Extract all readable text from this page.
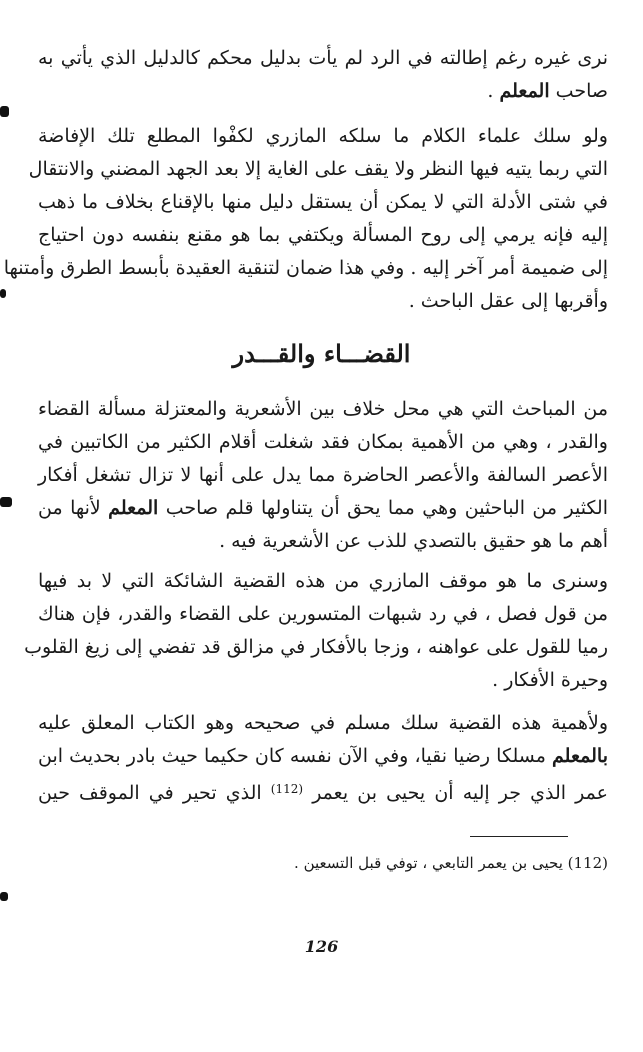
نرى غيره رغم إطالته في الرد لم يأت بدليل محكم كالدليل الذي يأتي به
صاحب المعلم .

ولو سلك علماء الكلام ما سلكه المازري لكفْوا المطلع تلك الإفاضة
التي ربما يتيه فيها النظر ولا يقف على الغاية إلا بعد الجهد المضني والانتقال
في شتى الأدلة التي لا يمكن أن يستقل دليل منها بالإقناع بخلاف ما ذهب
إليه فإنه يرمي إلى روح المسألة ويكتفي بما هو مقنع بنفسه دون احتياج
إلى ضميمة أمر آخر إليه . وفي هذا ضمان لتنقية العقيدة بأبسط الطرق وأمتنها
وأقربها إلى عقل الباحث .

القضـــاء والقـــدر

من المباحث التي هي محل خلاف بين الأشعرية والمعتزلة مسألة القضاء
والقدر ، وهي من الأهمية بمكان فقد شغلت أقلام الكثير من الكاتبين في
الأعصر السالفة والأعصر الحاضرة مما يدل على أنها لا تزال تشغل أفكار
الكثير من الباحثين وهي مما يحق أن يتناولها قلم صاحب المعلم لأنها من
أهم ما هو حقيق بالتصدي للذب عن الأشعرية فيه .

وسنرى ما هو موقف المازري من هذه القضية الشائكة التي لا بد فيها
من قول فصل ، في رد شبهات المتسورين على القضاء والقدر، فإن هناك
رميا للقول على عواهنه ، وزجا بالأفكار في مزالق قد تفضي إلى زيغ القلوب
وحيرة الأفكار .

ولأهمية هذه القضية سلك مسلم في صحيحه وهو الكتاب المعلق عليه
بالمعلم مسلكا رضيا نقيا، وفي الآن نفسه كان حكيما حيث بادر بحديث ابن
عمر الذي جر إليه أن يحيى بن يعمر $^{(112)}$ الذي تحير في الموقف حين

(112) يحيى بن يعمر التابعي ، توفي قبل التسعين .
126
